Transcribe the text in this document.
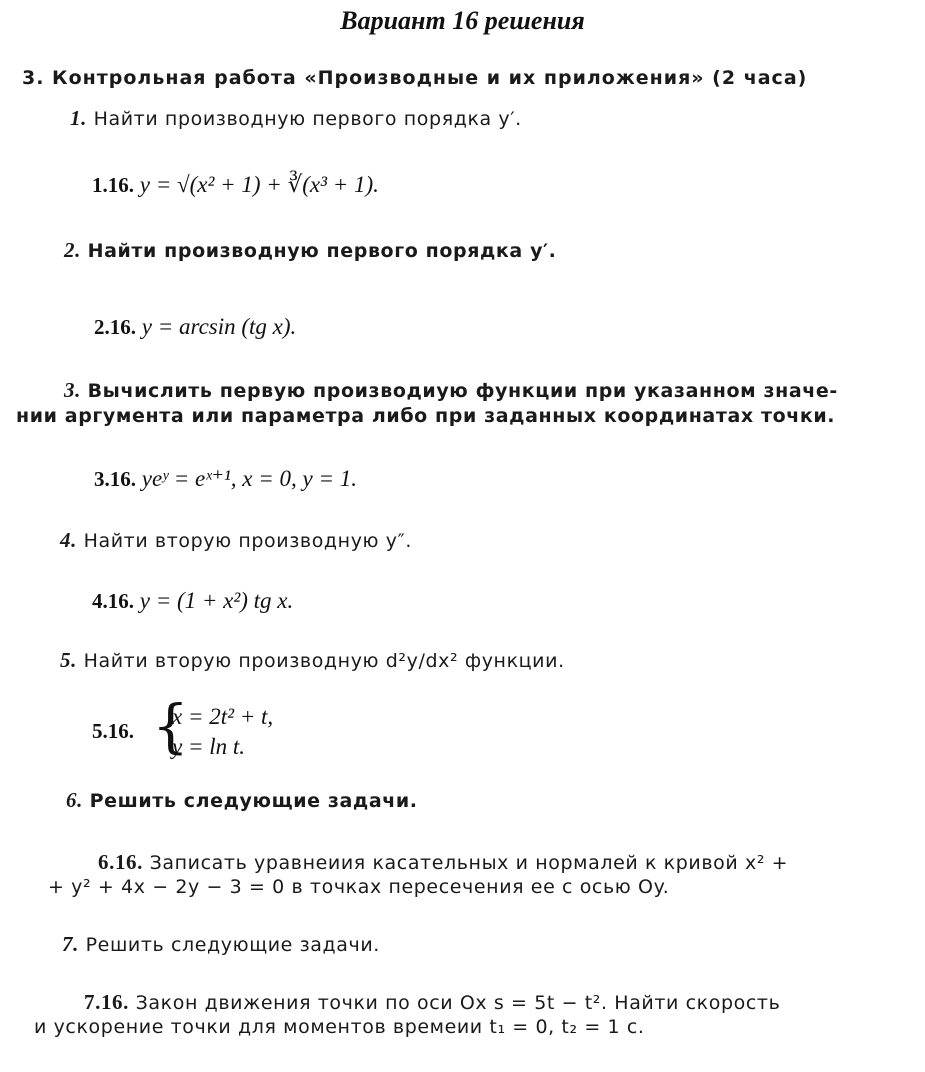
Вариант 16 решения
3. Контрольная работа «Производные и их приложения» (2 часа)
1. Найти производную первого порядка y′.
1.16. y = √(x² + 1) + ∛(x³ + 1).
2. Найти производную первого порядка y′.
2.16. y = arcsin (tg x).
3. Вычислить первую производиую функции при указанном значе-
нии аргумента или параметра либо при заданных координатах точки.
3.16. yeʸ = eˣ⁺¹, x = 0, y = 1.
4. Найти вторую производную y″.
4.16. y = (1 + x²) tg x.
5. Найти вторую производную d²y/dx² функции.
5.16. {
x = 2t² + t,
y = ln t.
6. Решить следующие задачи.
6.16. Записать уравнеиия касательных и нормалей к кривой x² +
+ y² + 4x − 2y − 3 = 0 в точках пересечения ее с осью Oy.
7. Решить следующие задачи.
7.16. Закон движения точки по оси Ox s = 5t − t². Найти скорость
и ускорение точки для моментов времеии t₁ = 0, t₂ = 1 с.
